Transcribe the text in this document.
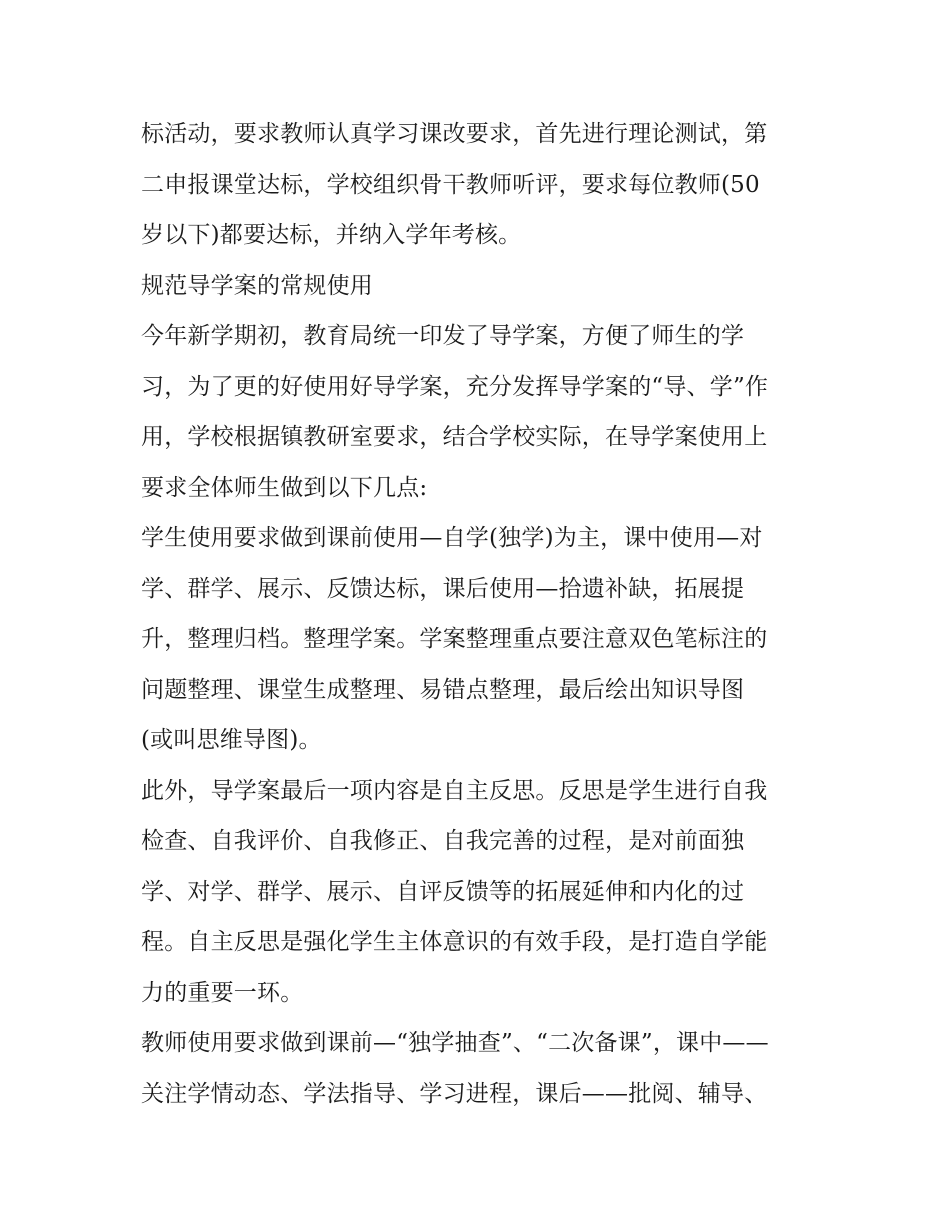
标活动，要求教师认真学习课改要求，首先进行理论测试，第
二申报课堂达标，学校组织骨干教师听评，要求每位教师(50
岁以下)都要达标，并纳入学年考核。
规范导学案的常规使用
今年新学期初，教育局统一印发了导学案，方便了师生的学
习，为了更的好使用好导学案，充分发挥导学案的“导、学”作
用，学校根据镇教研室要求，结合学校实际，在导学案使用上
要求全体师生做到以下几点:
学生使用要求做到课前使用—自学(独学)为主，课中使用—对
学、群学、展示、反馈达标，课后使用—拾遗补缺，拓展提
升，整理归档。整理学案。学案整理重点要注意双色笔标注的
问题整理、课堂生成整理、易错点整理，最后绘出知识导图
(或叫思维导图)。
此外，导学案最后一项内容是自主反思。反思是学生进行自我
检查、自我评价、自我修正、自我完善的过程，是对前面独
学、对学、群学、展示、自评反馈等的拓展延伸和内化的过
程。自主反思是强化学生主体意识的有效手段，是打造自学能
力的重要一环。
教师使用要求做到课前—“独学抽查”、“二次备课”，课中——
关注学情动态、学法指导、学习进程，课后——批阅、辅导、
